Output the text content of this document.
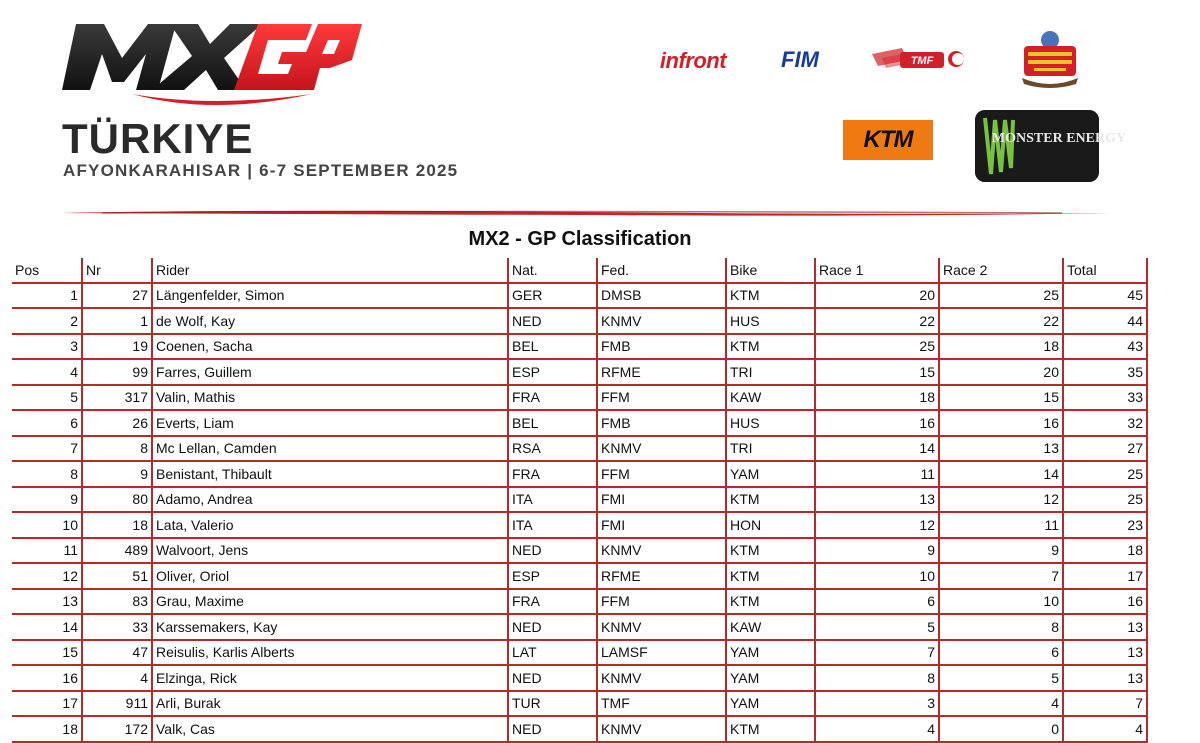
TÜRKIYE
AFYONKARAHISAR | 6-7 SEPTEMBER 2025
infront FIM	TMF
KTM	MONSTER ENERGY
MX2 - GP Classification
Pos	Nr	Rider	Nat.	Fed.	Bike	Race 1	Race 2	Total
1	27	Längenfelder, Simon	GER	DMSB	KTM	20	25	45
2	1	de Wolf, Kay	NED	KNMV	HUS	22	22	44
3	19	Coenen, Sacha	BEL	FMB	KTM	25	18	43
4	99	Farres, Guillem	ESP	RFME	TRI	15	20	35
5	317	Valin, Mathis	FRA	FFM	KAW	18	15	33
6	26	Everts, Liam	BEL	FMB	HUS	16	16	32
7	8	Mc Lellan, Camden	RSA	KNMV	TRI	14	13	27
8	9	Benistant, Thibault	FRA	FFM	YAM	11	14	25
9	80	Adamo, Andrea	ITA	FMI	KTM	13	12	25
10	18	Lata, Valerio	ITA	FMI	HON	12	11	23
11	489	Walvoort, Jens	NED	KNMV	KTM	9	9	18
12	51	Oliver, Oriol	ESP	RFME	KTM	10	7	17
13	83	Grau, Maxime	FRA	FFM	KTM	6	10	16
14	33	Karssemakers, Kay	NED	KNMV	KAW	5	8	13
15	47	Reisulis, Karlis Alberts	LAT	LAMSF	YAM	7	6	13
16	4	Elzinga, Rick	NED	KNMV	YAM	8	5	13
17	911	Arli, Burak	TUR	TMF	YAM	3	4	7
18	172	Valk, Cas	NED	KNMV	KTM	4	0	4
